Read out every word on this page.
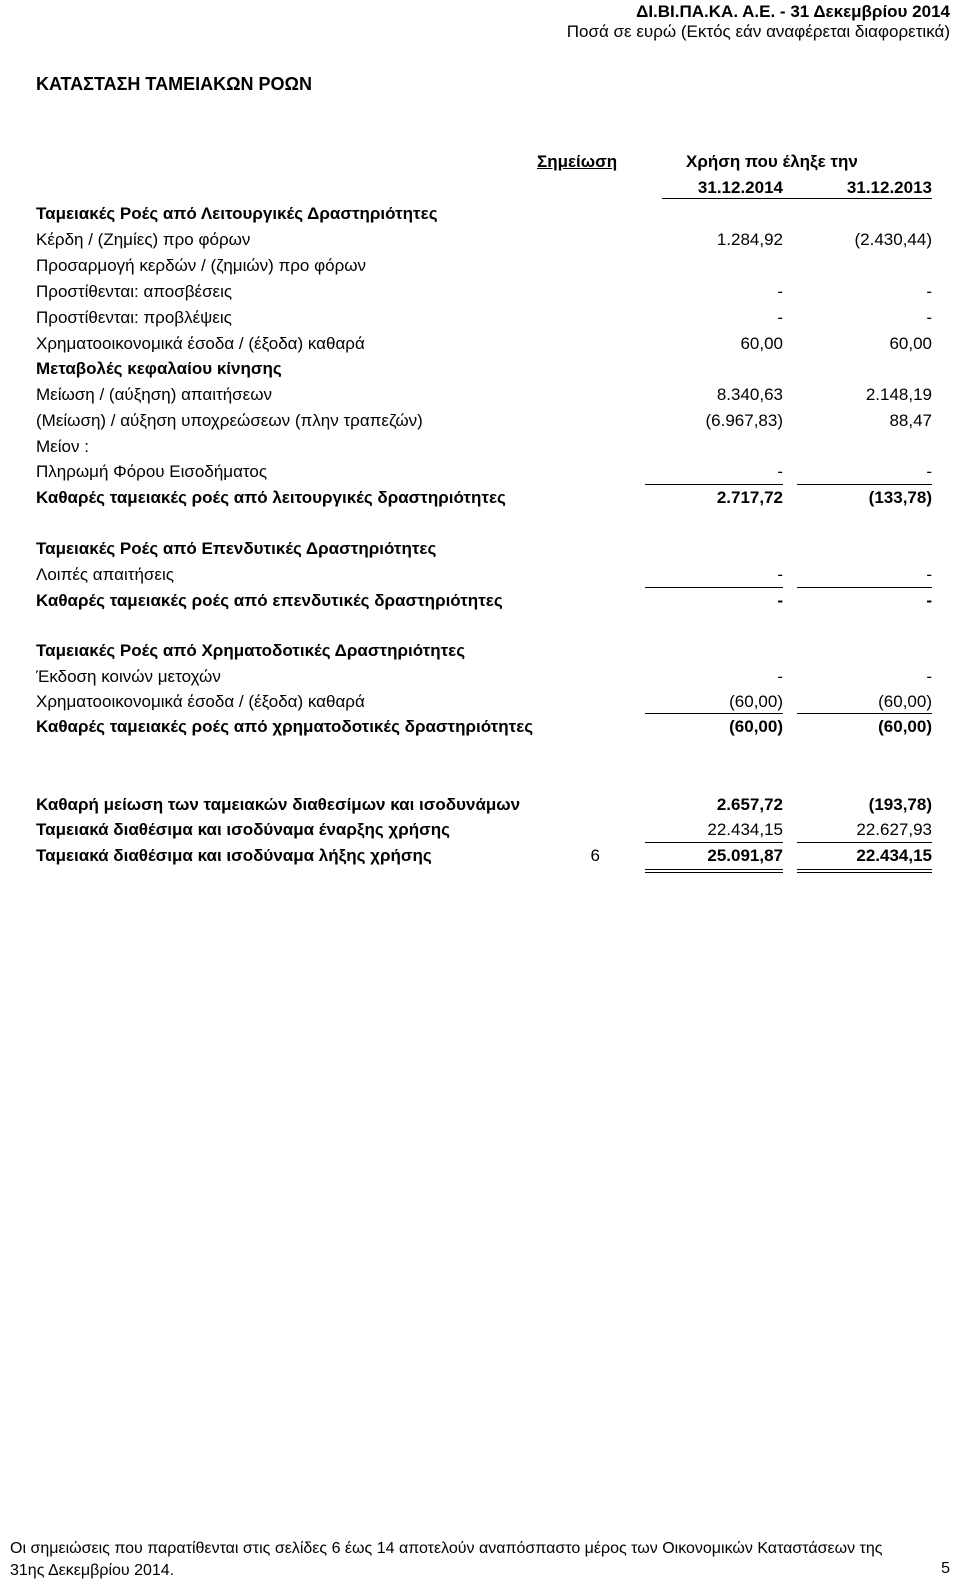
ΔΙ.ΒΙ.ΠΑ.ΚΑ. Α.Ε. - 31 Δεκεμβρίου 2014
Ποσά σε ευρώ (Εκτός εάν αναφέρεται διαφορετικά)
ΚΑΤΑΣΤΑΣΗ ΤΑΜΕΙΑΚΩΝ ΡΟΩΝ
Σημείωση	Χρήση που έληξε την
31.12.2014	31.12.2013
Ταμειακές Ροές από Λειτουργικές Δραστηριότητες
Κέρδη / (Ζημίες) προ φόρων	1.284,92	(2.430,44)
Προσαρμογή κερδών / (ζημιών) προ φόρων
Προστίθενται: αποσβέσεις	-	-
Προστίθενται: προβλέψεις	-	-
Χρηματοοικονομικά έσοδα / (έξοδα) καθαρά	60,00	60,00
Μεταβολές κεφαλαίου κίνησης
Μείωση / (αύξηση) απαιτήσεων	8.340,63	2.148,19
(Μείωση) / αύξηση υποχρεώσεων (πλην τραπεζών)	(6.967,83)	88,47
Μείον :
Πληρωμή Φόρου Εισοδήματος	-	-
Καθαρές ταμειακές ροές από λειτουργικές δραστηριότητες	2.717,72	(133,78)
Ταμειακές Ροές από Επενδυτικές Δραστηριότητες
Λοιπές απαιτήσεις	-	-
Καθαρές ταμειακές ροές από επενδυτικές δραστηριότητες	-	-
Ταμειακές Ροές από Χρηματοδοτικές Δραστηριότητες
Έκδοση κοινών μετοχών	-	-
Χρηματοοικονομικά έσοδα / (έξοδα) καθαρά	(60,00)	(60,00)
Καθαρές ταμειακές ροές από χρηματοδοτικές δραστηριότητες	(60,00)	(60,00)
Καθαρή μείωση των ταμειακών διαθεσίμων και ισοδυνάμων	2.657,72	(193,78)
Ταμειακά διαθέσιμα και ισοδύναμα έναρξης χρήσης	22.434,15	22.627,93
Ταμειακά διαθέσιμα και ισοδύναμα λήξης χρήσης	6	25.091,87	22.434,15
Οι σημειώσεις που παρατίθενται στις σελίδες 6 έως 14 αποτελούν αναπόσπαστο μέρος των Οικονομικών Καταστάσεων της
31ης Δεκεμβρίου 2014.	5
